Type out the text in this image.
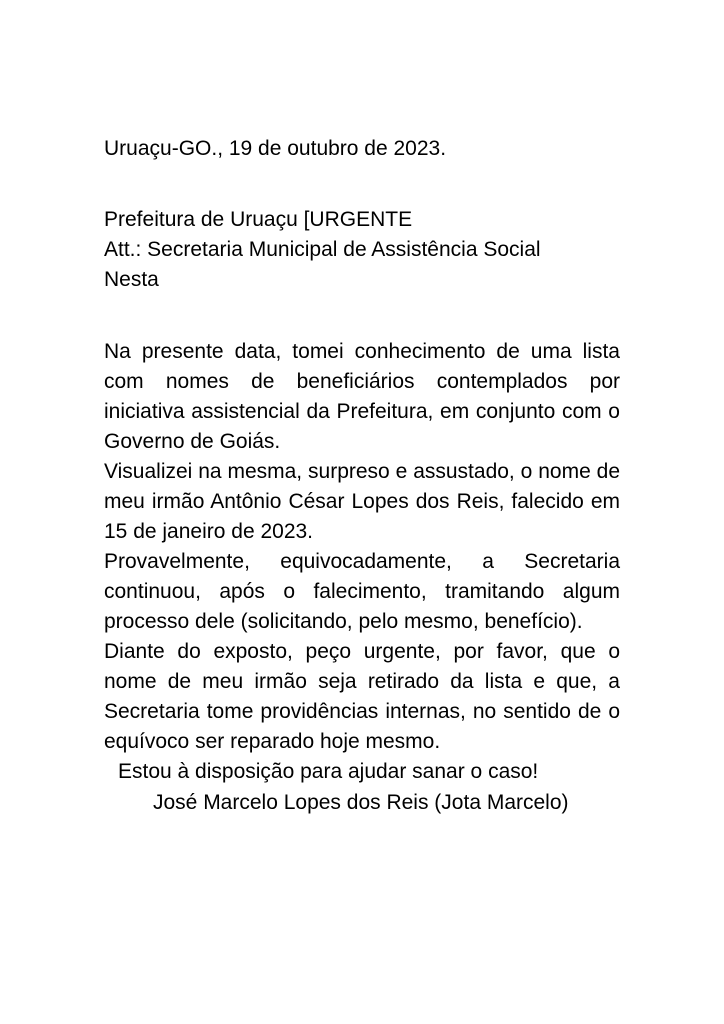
Uruaçu-GO., 19 de outubro de 2023.

Prefeitura de Uruaçu [URGENTE
Att.: Secretaria Municipal de Assistência Social
Nesta

Na presente data, tomei conhecimento de uma lista com nomes de beneficiários contemplados por iniciativa assistencial da Prefeitura, em conjunto com o Governo de Goiás.

Visualizei na mesma, surpreso e assustado, o nome de meu irmão Antônio César Lopes dos Reis, falecido em 15 de janeiro de 2023.

Provavelmente, equivocadamente, a Secretaria continuou, após o falecimento, tramitando algum processo dele (solicitando, pelo mesmo, benefício).

Diante do exposto, peço urgente, por favor, que o nome de meu irmão seja retirado da lista e que, a Secretaria tome providências internas, no sentido de o equívoco ser reparado hoje mesmo.

Estou à disposição para ajudar sanar o caso!

José Marcelo Lopes dos Reis (Jota Marcelo)
